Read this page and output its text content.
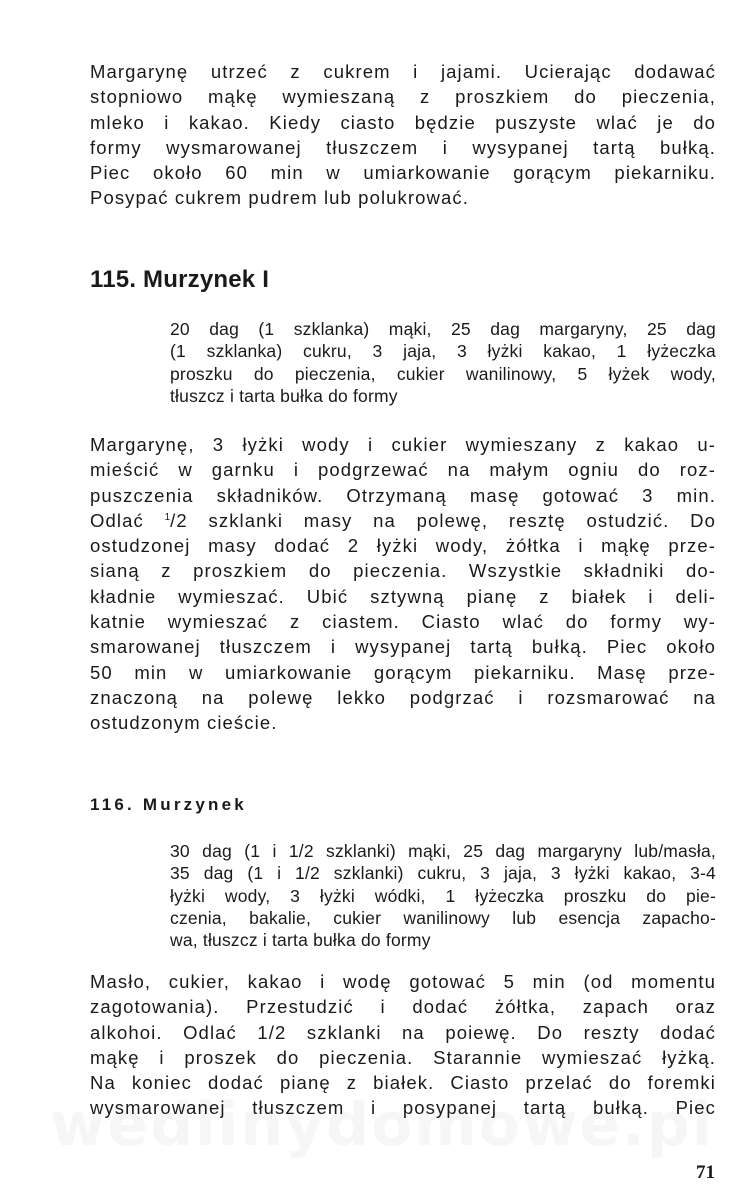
Margarynę utrzeć z cukrem i jajami. Ucierając dodawać
stopniowo mąkę wymieszaną z proszkiem do pieczenia,
mleko i kakao. Kiedy ciasto będzie puszyste wlać je do
formy wysmarowanej tłuszczem i wysypanej tartą bułką.
Piec około 60 min w umiarkowanie gorącym piekarniku.
Posypać cukrem pudrem lub polukrować.

115. Murzynek I

20 dag (1 szklanka) mąki, 25 dag margaryny, 25 dag
(1 szklanka) cukru, 3 jaja, 3 łyżki kakao, 1 łyżeczka
proszku do pieczenia, cukier wanilinowy, 5 łyżek wody,
tłuszcz i tarta bułka do formy

Margarynę, 3 łyżki wody i cukier wymieszany z kakao u-
mieścić w garnku i podgrzewać na małym ogniu do roz-
puszczenia składników. Otrzymaną masę gotować 3 min.
Odlać $^1$/2 szklanki masy na polewę, resztę ostudzić. Do
ostudzonej masy dodać 2 łyżki wody, żółtka i mąkę prze-
sianą z proszkiem do pieczenia. Wszystkie składniki do-
kładnie wymieszać. Ubić sztywną pianę z białek i deli-
katnie wymieszać z ciastem. Ciasto wlać do formy wy-
smarowanej tłuszczem i wysypanej tartą bułką. Piec około
50 min w umiarkowanie gorącym piekarniku. Masę prze-
znaczoną na polewę lekko podgrzać i rozsmarować na
ostudzonym cieście.

116. Murzynek

30 dag (1 i 1/2 szklanki) mąki, 25 dag margaryny lub/masła,
35 dag (1 i 1/2 szklanki) cukru, 3 jaja, 3 łyżki kakao, 3-4
łyżki wody, 3 łyżki wódki, 1 łyżeczka proszku do pie-
czenia, bakalie, cukier wanilinowy lub esencja zapacho-
wa, tłuszcz i tarta bułka do formy

Masło, cukier, kakao i wodę gotować 5 min (od momentu
zagotowania). Przestudzić i dodać żółtka, zapach oraz
alkohoi. Odlać 1/2 szklanki na poiewę. Do reszty dodać
mąkę i proszek do pieczenia. Starannie wymieszać łyżką.
Na koniec dodać pianę z białek. Ciasto przelać do foremki
wysmarowanej tłuszczem i posypanej tartą bułką. Piec

71
